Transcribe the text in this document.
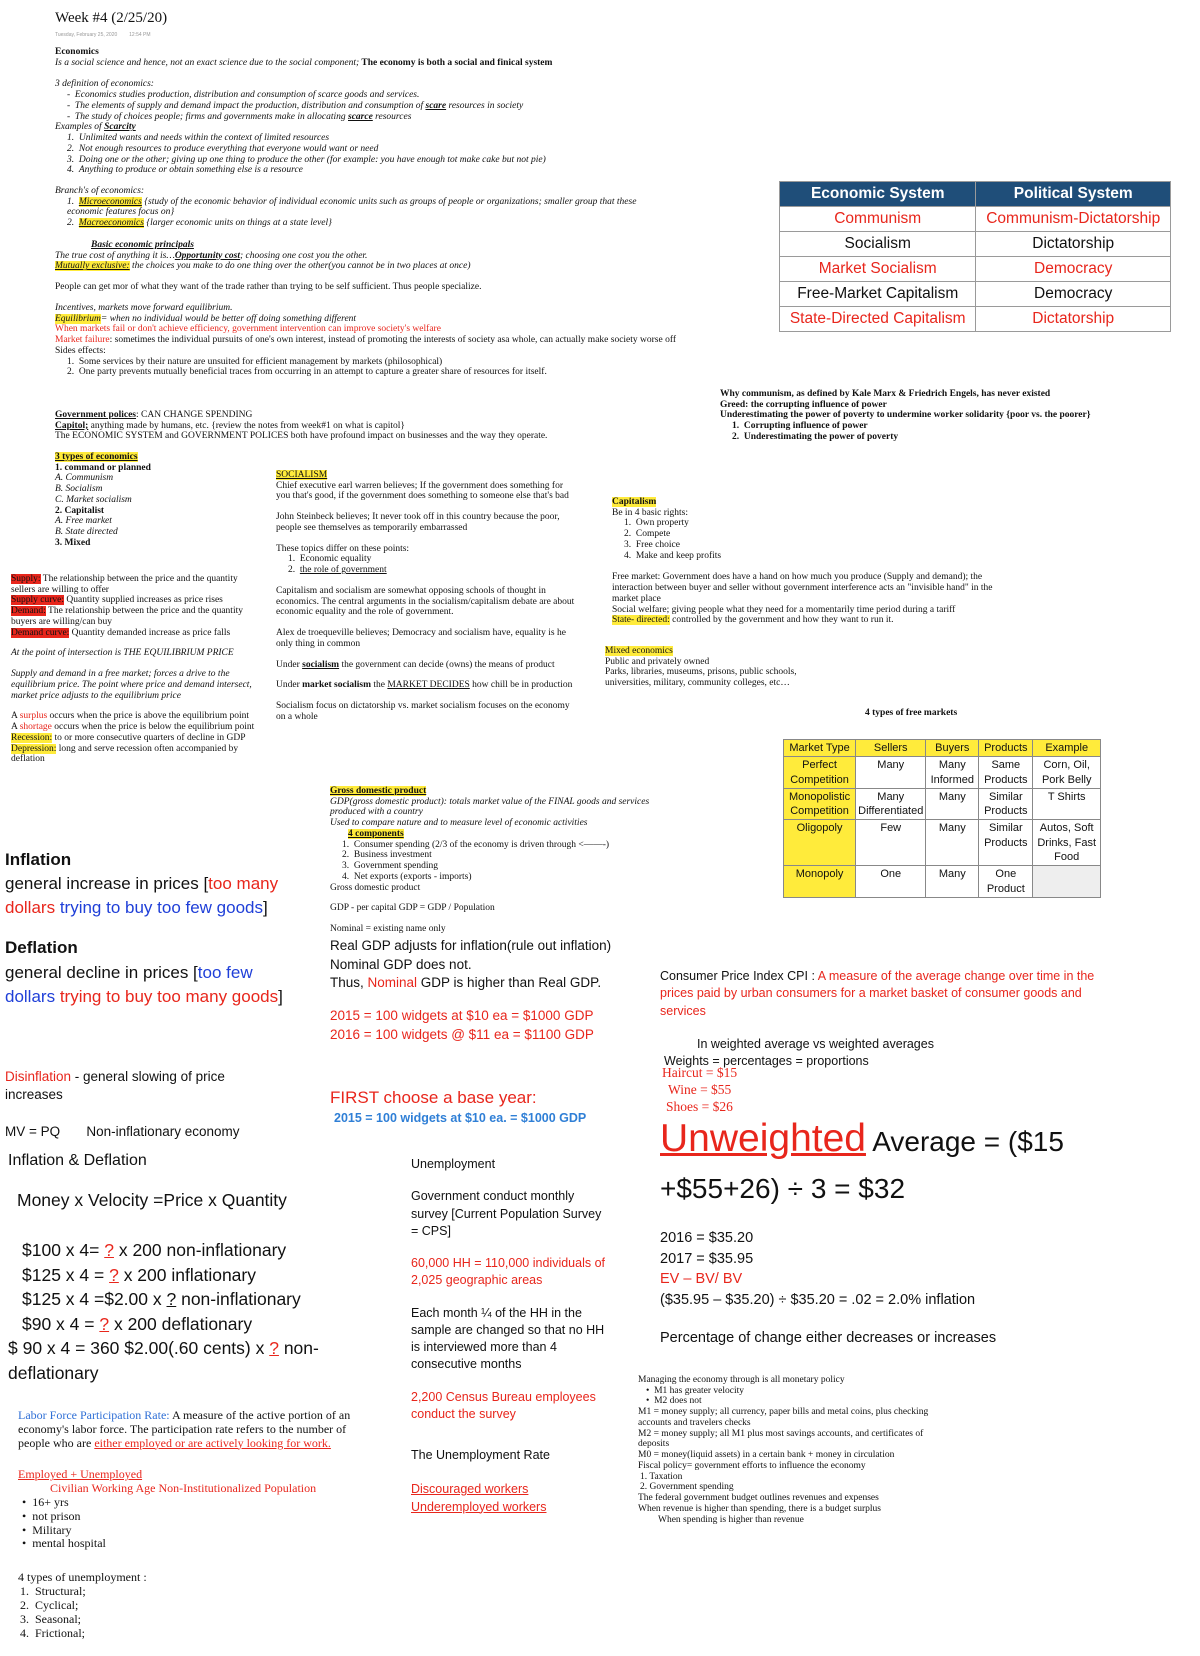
Week #4 (2/25/20)
Tuesday, February 25, 2020 12:54 PM

Economics

Is a social science and hence, not an exact science due to the social component; The economy is both a social and finical system

3 definition of economics:

-  Economics studies production, distribution and consumption of scarce goods and services.

-  The elements of supply and demand impact the production, distribution and consumption of scare resources in society

-  The study of choices people; firms and governments make in allocating scarce resources

Examples of Scarcity

1.  Unlimited wants and needs within the context of limited resources

2.  Not enough resources to produce everything that everyone would want or need

3.  Doing one or the other; giving up one thing to produce the other (for example: you have enough tot make cake but not pie)

4.  Anything to produce or obtain something else is a resource

Branch's of economics:

1.  Microeconomics {study of the economic behavior of individual economic units such as groups of people or organizations; smaller group that these economic features focus on}

2.  Macroeconomics {larger economic units on things at a state level}

Basic economic principals

The true cost of anything it is…Opportunity cost; choosing one cost you the other.

Mutually exclusive: the choices you make to do one thing over the other(you cannot be in two places at once)

People can get mor of what they want of the trade rather than trying to be self sufficient. Thus people specialize.

Incentives, markets move forward equilibrium.

Equilibrium= when no individual would be better off doing something different

When markets fail or don't achieve efficiency, government intervention can improve society's welfare

Market failure: sometimes the individual pursuits of one's own interest, instead of promoting the interests of society asa whole, can actually make society worse off

Sides effects:

1.  Some services by their nature are unsuited for efficient management by markets (philosophical)

2.  One party prevents mutually beneficial traces from occurring in an attempt to capture a greater share of resources for itself.

Government polices: CAN CHANGE SPENDING

Capitol; anything made by humans, etc. {review the notes from week#1 on what is capitol}

The ECONOMIC SYSTEM and GOVERNMENT POLICES both have profound impact on businesses and the way they operate.

3 types of economics

1. command or planned

A. Communism

B. Socialism

C. Market socialism

2. Capitalist

A. Free market

B. State directed

3. Mixed

Supply: The relationship between the price and the quantity sellers are willing to offer

Supply curve: Quantity supplied increases as price rises

Demand: The relationship between the price and the quantity buyers are willing/can buy

Demand curve: Quantity demanded increase as price falls

At the point of intersection is THE EQUILIBRIUM PRICE

Supply and demand in a free market; forces a drive to the equilibrium price. The point where price and demand intersect, market price adjusts to the equilibrium price

A surplus occurs when the price is above the equilibrium point

A shortage occurs when the price is below the equilibrium point

Recession: to or more consecutive quarters of decline in GDP

Depression: long and serve recession often accompanied by deflation

SOCIALISM

Chief executive earl warren believes; If the government does something for you that's good, if the government does something to someone else that's bad

John Steinbeck believes; It never took off in this country because the poor, people see themselves as temporarily embarrassed

These topics differ on these points:

1.  Economic equality

2.  the role of government

Capitalism and socialism are somewhat opposing schools of thought in economics. The central arguments in the socialism/capitalism debate are about economic equality and the role of government.

Alex de troequeville believes; Democracy and socialism have, equality is he only thing in common

Under socialism the government can decide (owns) the means of product

Under market socialism the MARKET DECIDES how chill be in production

Socialism focus on dictatorship vs. market socialism focuses on the economy on a whole

Economic System	Political System
Communism	Communism-Dictatorship
Socialism	Dictatorship
Market Socialism	Democracy
Free-Market Capitalism	Democracy
State-Directed Capitalism	Dictatorship

Why communism, as defined by Kale Marx & Friedrich Engels, has never existed

Greed: the corrupting influence of power

Underestimating the power of poverty to undermine worker solidarity {poor vs. the poorer}

1.  Corrupting influence of power

2.  Underestimating the power of poverty

Capitalism

Be in 4 basic rights:

1.  Own property

2.  Compete

3.  Free choice

4.  Make and keep profits

Free market: Government does have a hand on how much you produce (Supply and demand); the interaction between buyer and seller without government interference acts an "invisible hand" in the market place

Social welfare; giving people what they need for a momentarily time period during a tariff

State- directed: controlled by the government and how they want to run it.

Mixed economics

Public and privately owned

Parks, libraries, museums, prisons, public schools,

universities, military, community colleges, etc…

4 types of free markets
Market Type	Sellers	Buyers	Products	Example
Perfect Competition	Many	Many Informed	Same Products	Corn, Oil, Pork Belly
Monopolistic Competition	Many Differentiated	Many	Similar Products	T Shirts
Oligopoly	Few	Many	Similar Products	Autos, Soft Drinks, Fast Food
Monopoly	One	Many	One Product	

Gross domestic product

GDP(gross domestic product): totals market value of the FINAL goods and services produced with a country

Used to compare nature and to measure level of economic activities

4 components

1.  Consumer spending (2/3 of the economy is driven through <——-)

2.  Business investment

3.  Government spending

4.  Net exports (exports - imports)

Gross domestic product

GDP - per capital GDP = GDP / Population

Nominal = existing name only

Real GDP adjusts for inflation(rule out inflation)

Nominal GDP does not.

Thus, Nominal GDP is higher than Real GDP.

2015 = 100 widgets at $10 ea = $1000 GDP

2016 = 100 widgets @ $11 ea = $1100 GDP

FIRST choose a base year:
2015 = 100 widgets at $10 ea. = $1000 GDP

Inflation

general increase in prices [too many dollars trying to buy too few goods]

Deflation

general decline in prices [too few dollars trying to buy too many goods]

Disinflation - general slowing of price increases
MV = PQ Non-inflationary economy
Inflation & Deflation
Money x Velocity =Price x Quantity

$100 x 4= ? x 200 non-inflationary

$125 x 4 = ? x 200 inflationary

$125 x 4 =$2.00 x ? non-inflationary

$90 x 4 = ? x 200 deflationary

$ 90 x 4 = 360 $2.00(.60 cents) x ? non-deflationary

Consumer Price Index CPI : A measure of the average change over time in the prices paid by urban consumers for a market basket of consumer goods and services

In weighted average vs weighted averages

Weights = percentages = proportions

Haircut = $15

Wine = $55

Shoes = $26

Unweighted Average = ($15 +$55+26) ÷ 3 = $32

2016 = $35.20

2017 = $35.95

EV – BV/ BV

($35.95 – $35.20) ÷ $35.20 = .02 = 2.0% inflation

Percentage of change either decreases or increases

Unemployment

Government conduct monthly survey [Current Population Survey = CPS]

60,000 HH = 110,000 individuals of 2,025 geographic areas

Each month ¼ of the HH in the sample are changed so that no HH is interviewed more than 4 consecutive months

2,200 Census Bureau employees conduct the survey

The Unemployment Rate

Discouraged workers

Underemployed workers

Labor Force Participation Rate: A measure of the active portion of an economy's labor force. The participation rate refers to the number of people who are either employed or are actively looking for work.

Employed + Unemployed

Civilian Working Age Non-Institutionalized Population

•  16+ yrs

•  not prison

•  Military

•  mental hospital

4 types of unemployment :

1.  Structural;

2.  Cyclical;

3.  Seasonal;

4.  Frictional;

Managing the economy through is all monetary policy

•  M1 has greater velocity

•  M2 does not

M1 = money supply; all currency, paper bills and metal coins, plus checking accounts and travelers checks

M2 = money supply; all M1 plus most savings accounts, and certificates of deposits

M0 = money(liquid assets) in a certain bank + money in circulation

Fiscal policy= government efforts to influence the economy

1. Taxation

2. Government spending

The federal government budget outlines revenues and expenses

When revenue is higher than spending, there is a budget surplus

When spending is higher than revenue
